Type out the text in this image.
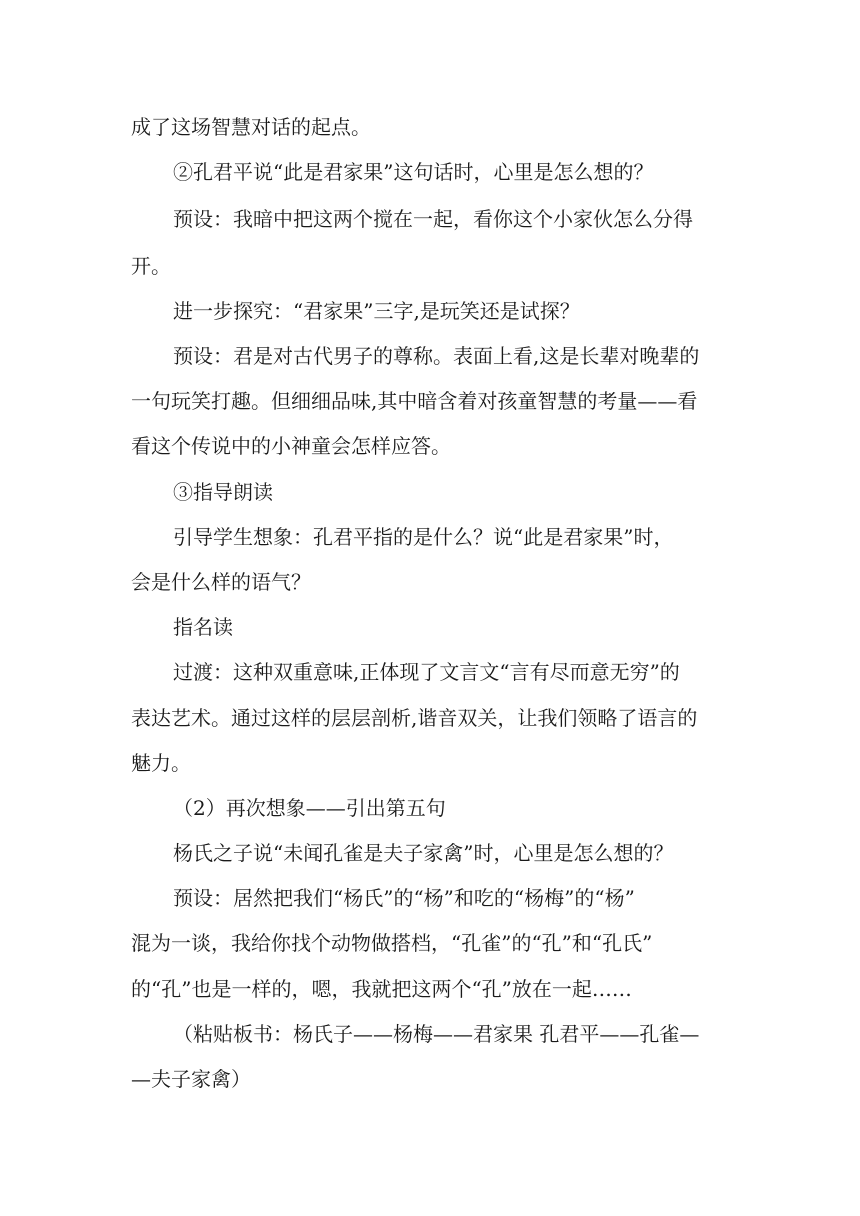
成了这场智慧对话的起点。
②孔君平说“此是君家果”这句话时，心里是怎么想的？
预设：我暗中把这两个搅在一起，看你这个小家伙怎么分得
开。
进一步探究：“君家果”三字,是玩笑还是试探？
预设：君是对古代男子的尊称。表面上看,这是长辈对晚辈的
一句玩笑打趣。但细细品味,其中暗含着对孩童智慧的考量——看
看这个传说中的小神童会怎样应答。
③指导朗读
引导学生想象：孔君平指的是什么？说“此是君家果”时，
会是什么样的语气？
指名读
过渡：这种双重意味,正体现了文言文“言有尽而意无穷”的
表达艺术。通过这样的层层剖析,谐音双关，让我们领略了语言的
魅力。
（2）再次想象——引出第五句
杨氏之子说“未闻孔雀是夫子家禽”时，心里是怎么想的？
预设：居然把我们“杨氏”的“杨”和吃的“杨梅”的“杨”
混为一谈，我给你找个动物做搭档，“孔雀”的“孔”和“孔氏”
的“孔”也是一样的，嗯，我就把这两个“孔”放在一起……
（粘贴板书：杨氏子——杨梅——君家果 孔君平——孔雀—
—夫子家禽）
